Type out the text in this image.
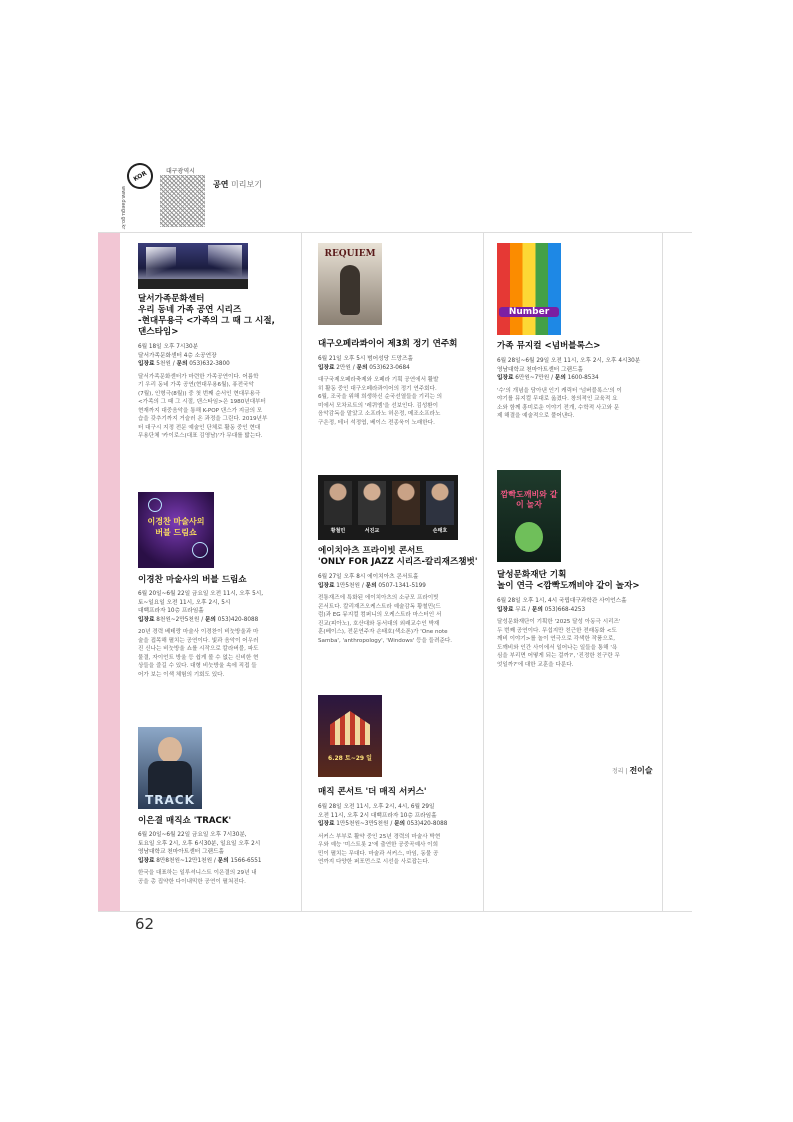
KOR
www.daegu.go.kr
대구광역시
공연 미리보기
달서가족문화센터
우리 동네 가족 공연 시리즈
-현대무용극 <가족의 그 때 그 시절,
댄스타임>
6월 18일 오후 7시30분
달서가족문화센터 4층 소공연장
입장료 5천원 / 문의 053)632-3800
달서가족문화센터가 마련한 가족공연이다. 어름학
기 우리 동네 가족 공연(현대무용6월), 퓨전국악
(7월), 인형극(8월)) 중 첫 번째 순서인 현대무용극
<가족의 그 때 그 시절, 댄스타임>은 1980년대부터
현재까지 대중음악을 통해 K-POP 댄스가 지금의 모
습을 갖추기까지 거슬러 온 과정을 그린다. 2019년부
터 대구시 지정 전문 예술인 단체로 활동 중인 현대
무용단체 '카이로스(대표 김영남)'가 무대를 밟는다.
이경찬 마술사의 버블 드림쇼
이경찬 마술사의 버블 드림쇼
6월 20일~6월 22일 금요일 오전 11시, 오후 5시,
토~일요일 오전 11시, 오후 2시, 5시
대백프라자 10층 프라임홀
입장료 8천원~2만5천원 / 문의 053)420-8088
20년 경력 베테랑 마술사 이경찬이 비눗방울과 마
술을 접목해 펼치는 공연이다. 빛과 음악이 어우러
진 신나는 비눗방울 쇼를 시작으로 칼라버블, 파도
물결, 자이언트 방울 등 쉽게 볼 수 없는 신비한 현
상들을 즐길 수 있다. 대형 비눗방울 속에 직접 들
어가 보는 이색 체험의 기회도 있다.
TRACK
이은결 매직쇼 'TRACK'
6월 20일~6월 22일 금요일 오후 7시30분,
토요일 오후 2시, 오후 6시30분, 일요일 오후 2시
영남대학교 천마아트센터 그랜드홀
입장료 8만8천원~12만1천원 / 문의 1566-6551
한국을 대표하는 일루셔니스트 이은결의 29년 내
공을 총 집약한 다이내믹한 공연이 펼쳐진다.
REQUIEM
대구오페라콰이어 제3회 정기 연주회
6월 21일 오후 5시 범어성당 드망즈홀
입장료 2만원 / 문의 053)623-0684
대구국제오페라축제와 오페라 기획 공연에서 활발
히 활동 중인 대구오페라콰이어의 정기 연주회다.
6월, 조국을 위해 희생하신 순국선열들을 기리는 의
미에서 모차르트의 '레퀴엠'을 선보인다. 김성환이
음악감독을 맡았고 소프라노 허은정, 메조소프라노
구은정, 테너 석정엽, 베이스 전종욱이 노래한다.
황철민	서진교	손태호
에이치아츠 프라이빗 콘서트
'ONLY FOR JAZZ 시리즈-칼리재즈챔벗'
6월 27일 오후 8시 에이치아츠 콘서트홀
입장료 1만5천원 / 문의 0507-1341-5199
전통재즈에 특화된 에이치아츠의 소규모 프라이빗
콘서트다. 칼리재즈오케스트라 예술감독 황철민(드
럼)과 EG 뮤지컬 컴퍼니의 오케스트라 마스터인 서
진교(피아노), 호산대와 동서대의 외래교수인 박재
훈(베이스), 전문연주자 손태호(색소폰)가 'One note
Samba', 'anthropology', 'Windows' 등을 들려준다.
6.28 토~29 일
매직 콘서트 '더 매직 서커스'
6월 28일 오전 11시, 오후 2시, 4시, 6월 29일
오전 11시, 오후 2시 대백프라자 10층 프라임홀
입장료 1만5천원~3만5천원 / 문의 053)420-8088
서커스 부부로 활약 중인 25년 경력의 마술사 박현
우와 예능 '미스트롯 2'에 출연한 공중곡예사 이희
민이 펼치는 무대다. 마술과 서커스, 마임, 동물 공
연까지 다양한 퍼포먼스로 시선을 사로잡는다.
Number
가족 뮤지컬 <넘버블록스>
6월 28일~6월 29일 오전 11시, 오후 2시, 오후 4시30분
영남대학교 천마아트센터 그랜드홀
입장료 6만원~7만원 / 문의 1600-8534
'수'의 개념을 담아낸 인기 캐릭터 '넘버블록스'의 이
야기를 뮤지컬 무대로 옮겼다. 창의적인 교육적 요
소와 함께 흥미로운 이야기 전개, 수학적 사고와 문
제 해결을 예술적으로 풀어낸다.
깜빡도깨비와 같이 놀자
달성문화재단 기획
놀이 연극 <깜빡도깨비야 같이 놀자>
6월 28일 오후 1시, 4시 국립대구과학관 사이언스홀
입장료 무료 / 문의 053)668-4253
달성문화재단이 기획한 '2025 달성 아동극 시리즈'
두 번째 공연이다. 무섭지만 친근한 전래동화 <도
깨비 이야기>를 놀이 연극으로 각색한 작품으로,
도깨비와 인간 사이에서 일어나는 일들을 통해 '욕
심을 부리면 어떻게 되는 걸까?', '진정한 친구란 무
엇일까?'에 대한 교훈을 다룬다.
정리 | 전이슬
62
